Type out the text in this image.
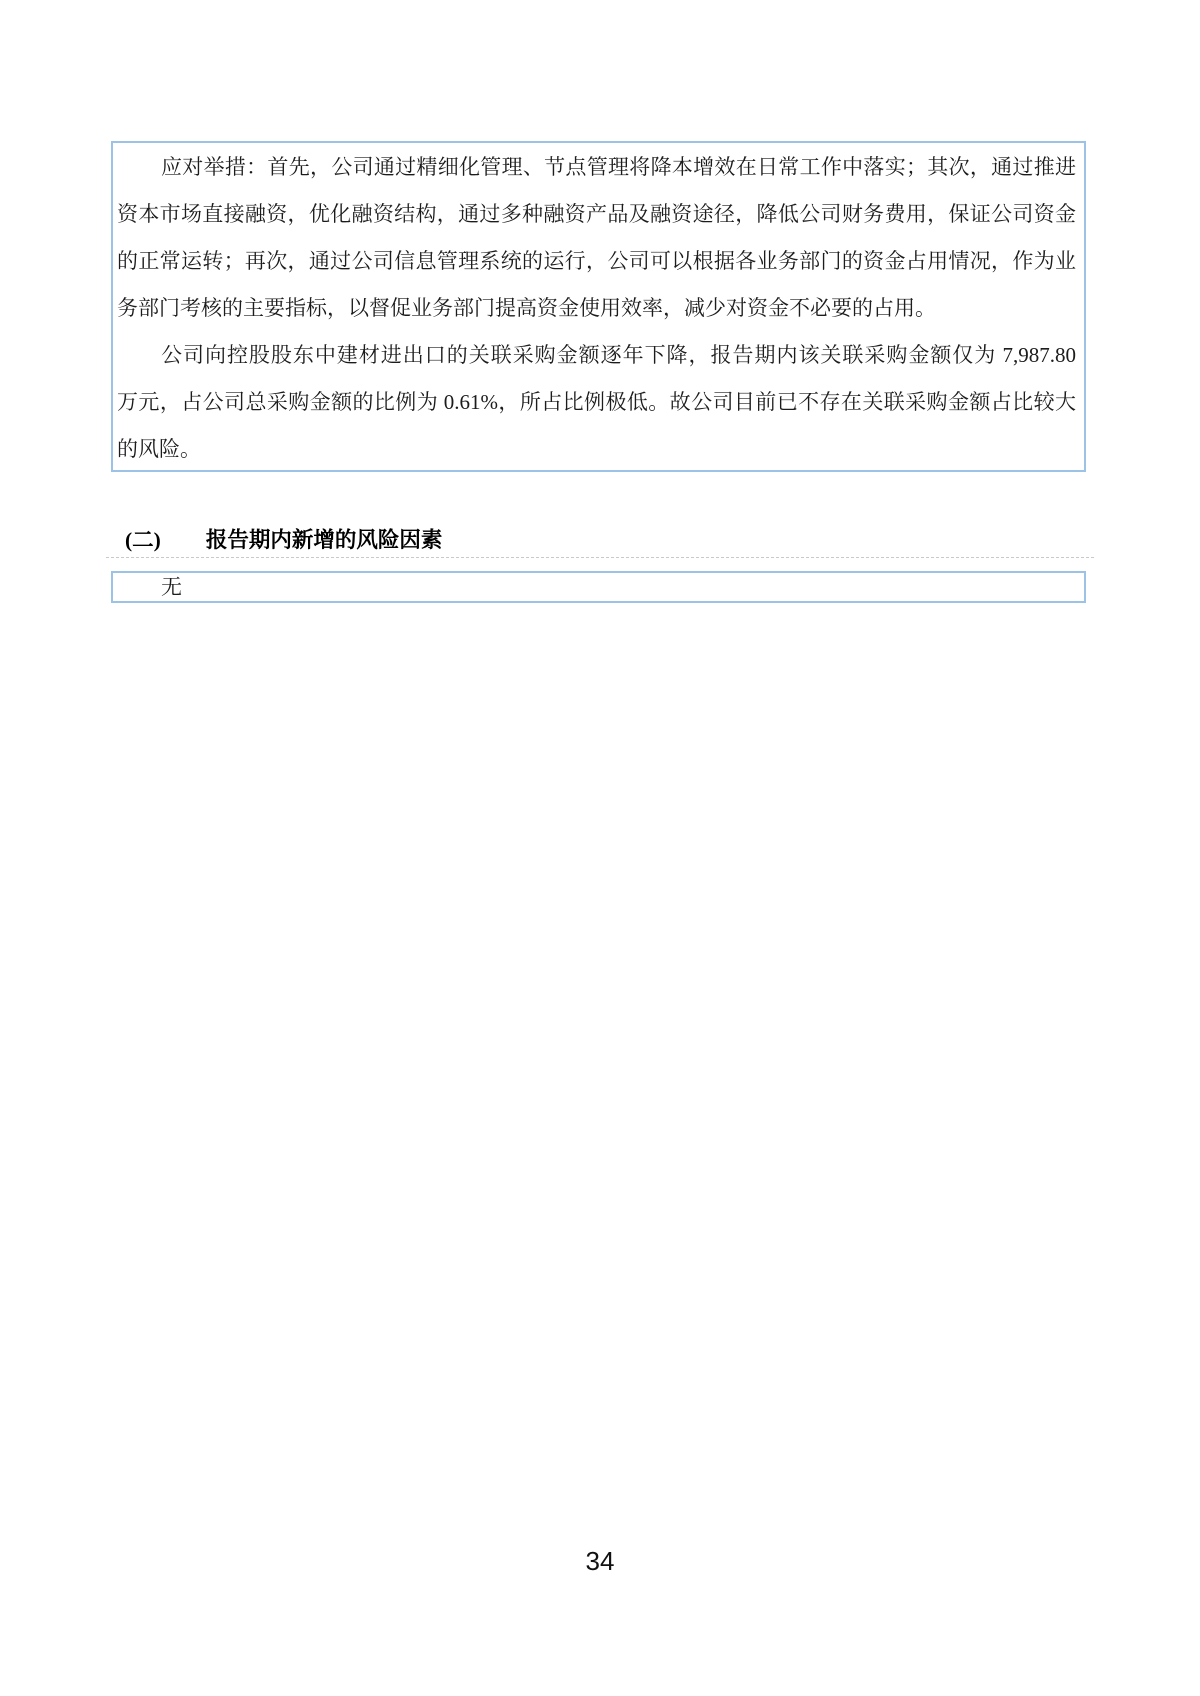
应对举措：首先，公司通过精细化管理、节点管理将降本增效在日常工作中落实；其次，通过推进
资本市场直接融资，优化融资结构，通过多种融资产品及融资途径，降低公司财务费用，保证公司资金
的正常运转；再次，通过公司信息管理系统的运行，公司可以根据各业务部门的资金占用情况，作为业
务部门考核的主要指标，以督促业务部门提高资金使用效率，减少对资金不必要的占用。
公司向控股股东中建材进出口的关联采购金额逐年下降，报告期内该关联采购金额仅为 7,987.80
万元，占公司总采购金额的比例为 0.61%，所占比例极低。故公司目前已不存在关联采购金额占比较大
的风险。
(二) 报告期内新增的风险因素
无
34
